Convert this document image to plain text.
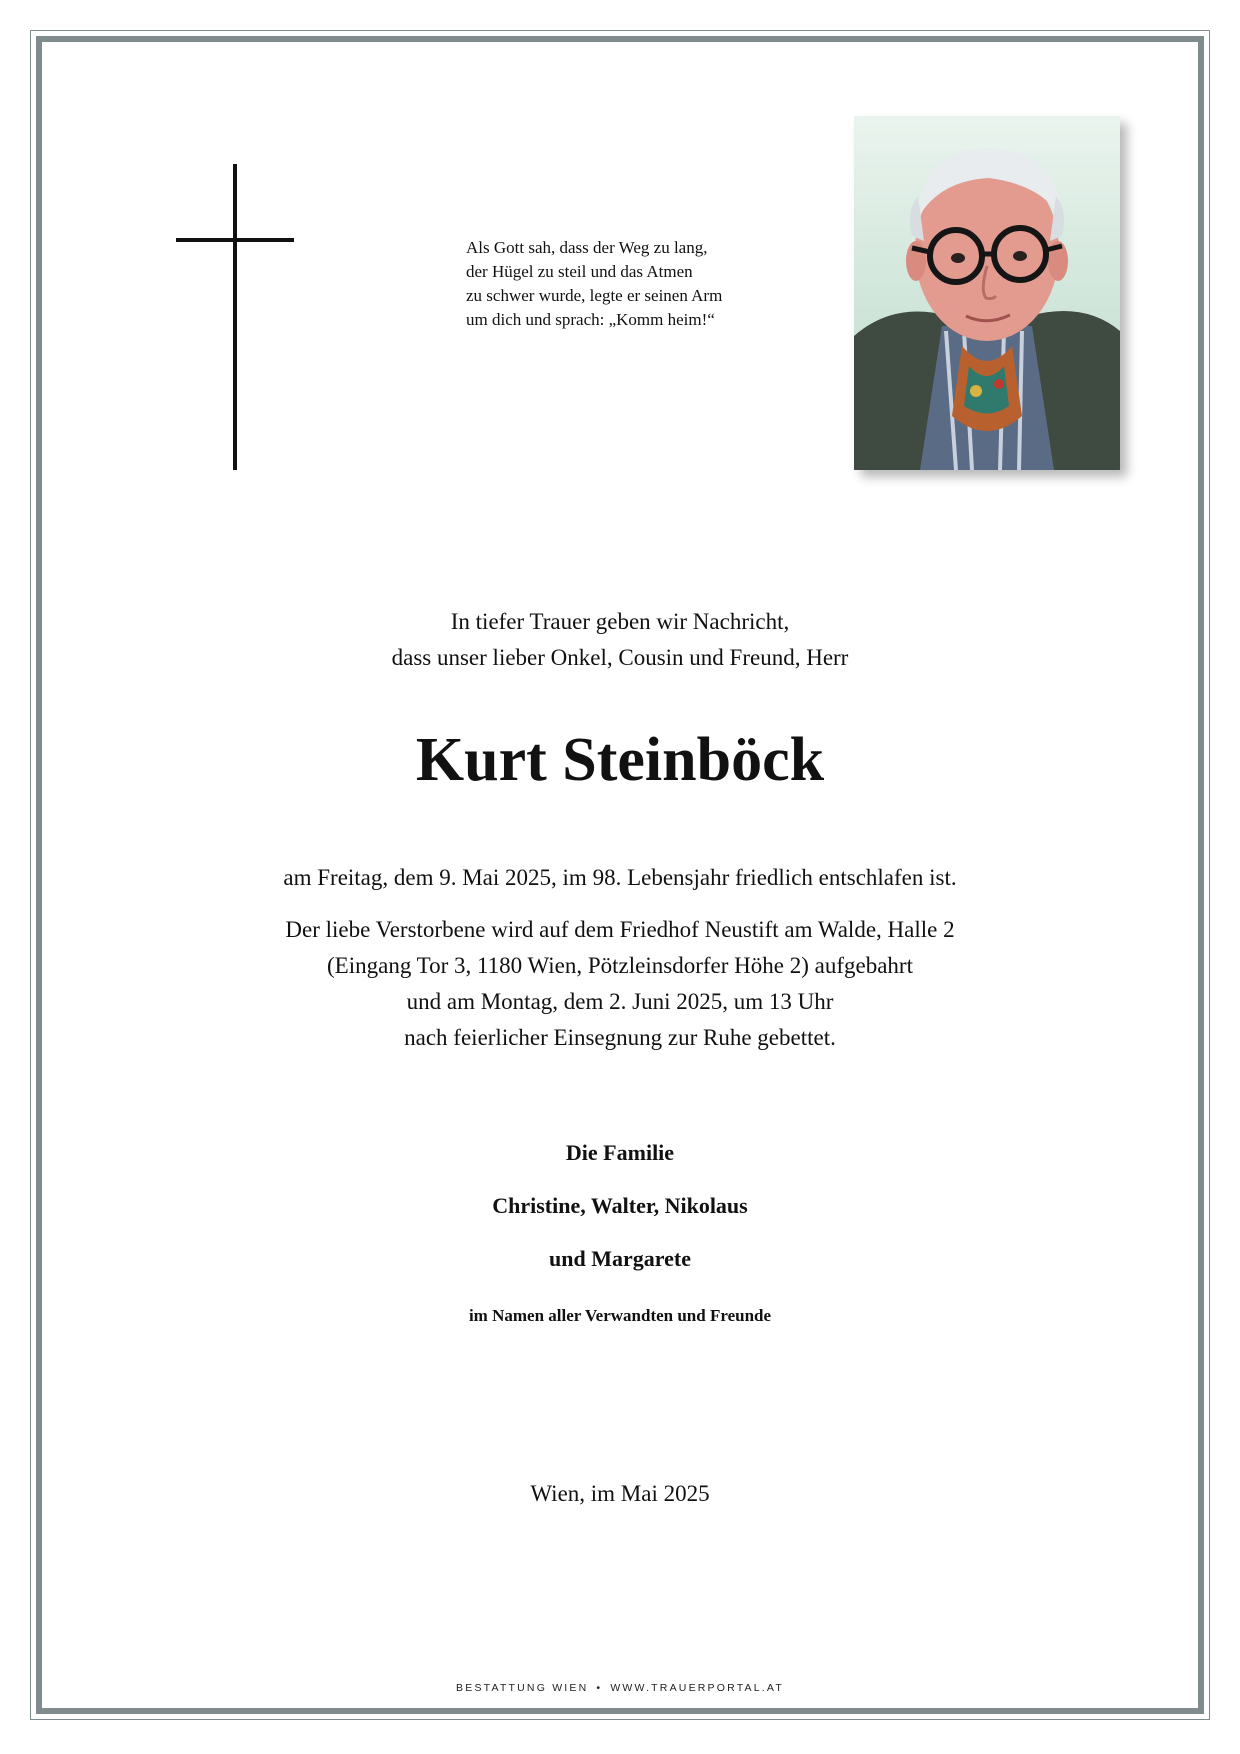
Als Gott sah, dass der Weg zu lang,
der Hügel zu steil und das Atmen
zu schwer wurde, legte er seinen Arm
um dich und sprach: „Komm heim!“
In tiefer Trauer geben wir Nachricht,
dass unser lieber Onkel, Cousin und Freund, Herr
Kurt Steinböck
am Freitag, dem 9. Mai 2025, im 98. Lebensjahr friedlich entschlafen ist.
Der liebe Verstorbene wird auf dem Friedhof Neustift am Walde, Halle 2
(Eingang Tor 3, 1180 Wien, Pötzleinsdorfer Höhe 2) aufgebahrt
und am Montag, dem 2. Juni 2025, um 13 Uhr
nach feierlicher Einsegnung zur Ruhe gebettet.
Die Familie
Christine, Walter, Nikolaus
und Margarete
im Namen aller Verwandten und Freunde
Wien, im Mai 2025
BESTATTUNG WIEN • WWW.TRAUERPORTAL.AT
